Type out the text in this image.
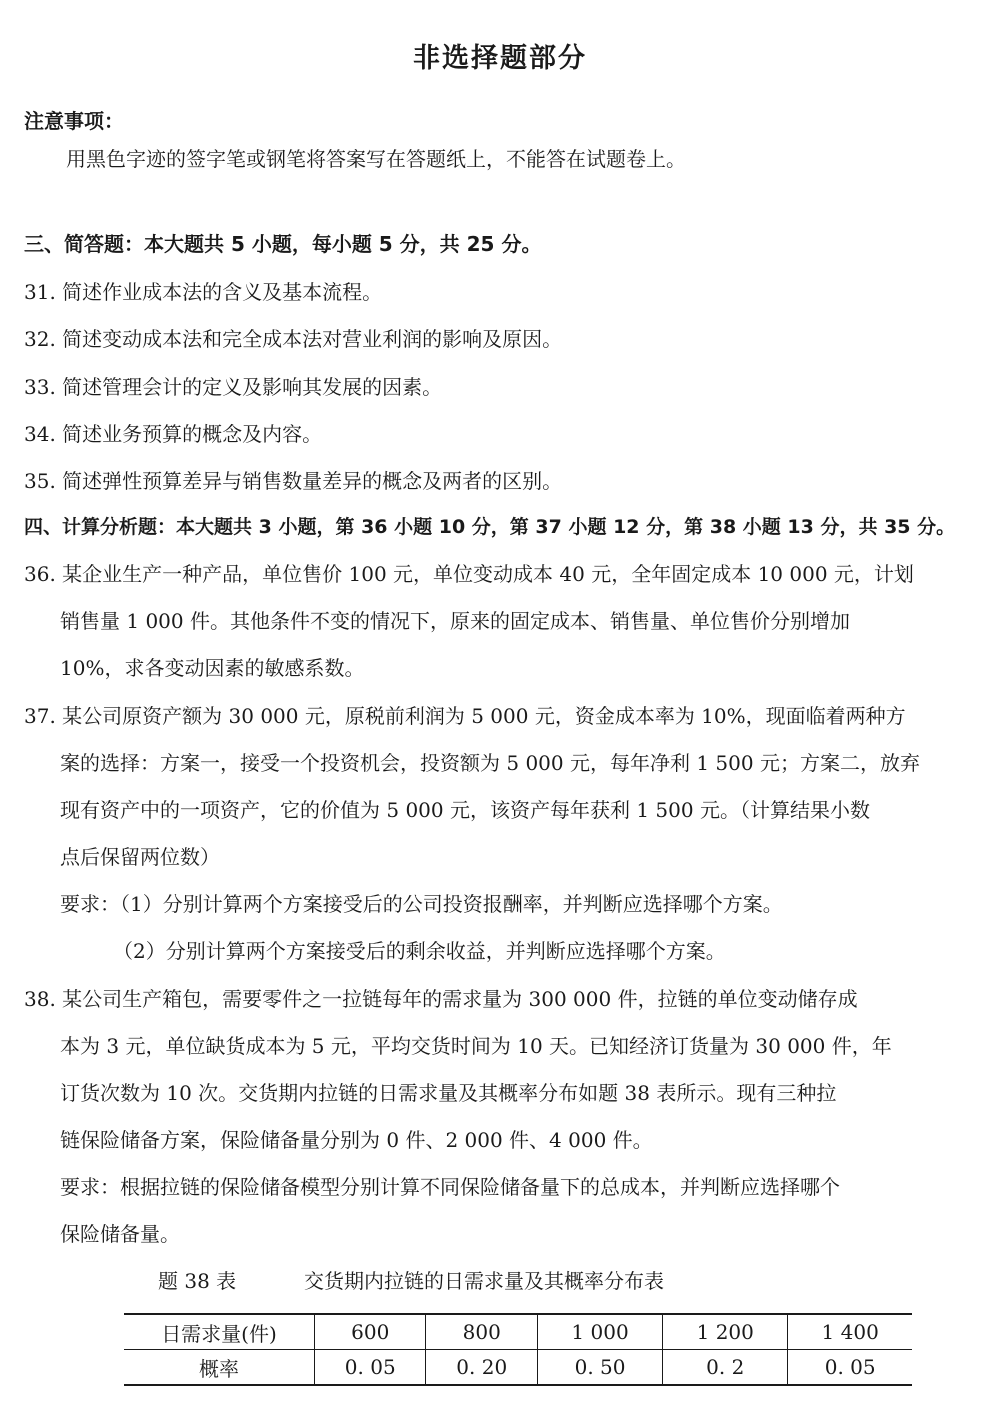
非选择题部分
注意事项：
用黑色字迹的签字笔或钢笔将答案写在答题纸上，不能答在试题卷上。
三、简答题：本大题共 5 小题，每小题 5 分，共 25 分。
31. 简述作业成本法的含义及基本流程。
32. 简述变动成本法和完全成本法对营业利润的影响及原因。
33. 简述管理会计的定义及影响其发展的因素。
34. 简述业务预算的概念及内容。
35. 简述弹性预算差异与销售数量差异的概念及两者的区别。
四、计算分析题：本大题共 3 小题，第 36 小题 10 分，第 37 小题 12 分，第 38 小题 13 分，共 35 分。
36. 某企业生产一种产品，单位售价 100 元，单位变动成本 40 元，全年固定成本 10 000 元，计划
销售量 1 000 件。其他条件不变的情况下，原来的固定成本、销售量、单位售价分别增加
10%，求各变动因素的敏感系数。
37. 某公司原资产额为 30 000 元，原税前利润为 5 000 元，资金成本率为 10%，现面临着两种方
案的选择：方案一，接受一个投资机会，投资额为 5 000 元，每年净利 1 500 元；方案二，放弃
现有资产中的一项资产，它的价值为 5 000 元，该资产每年获利 1 500 元。（计算结果小数
点后保留两位数）
要求：（1）分别计算两个方案接受后的公司投资报酬率，并判断应选择哪个方案。
（2）分别计算两个方案接受后的剩余收益，并判断应选择哪个方案。
38. 某公司生产箱包，需要零件之一拉链每年的需求量为 300 000 件，拉链的单位变动储存成
本为 3 元，单位缺货成本为 5 元，平均交货时间为 10 天。已知经济订货量为 30 000 件，年
订货次数为 10 次。交货期内拉链的日需求量及其概率分布如题 38 表所示。现有三种拉
链保险储备方案，保险储备量分别为 0 件、2 000 件、4 000 件。
要求：根据拉链的保险储备模型分别计算不同保险储备量下的总成本，并判断应选择哪个
保险储备量。
题 38 表	交货期内拉链的日需求量及其概率分布表
日需求量(件)	600	800	1 000	1 200	1 400
概率	0. 05	0. 20	0. 50	0. 2	0. 05
